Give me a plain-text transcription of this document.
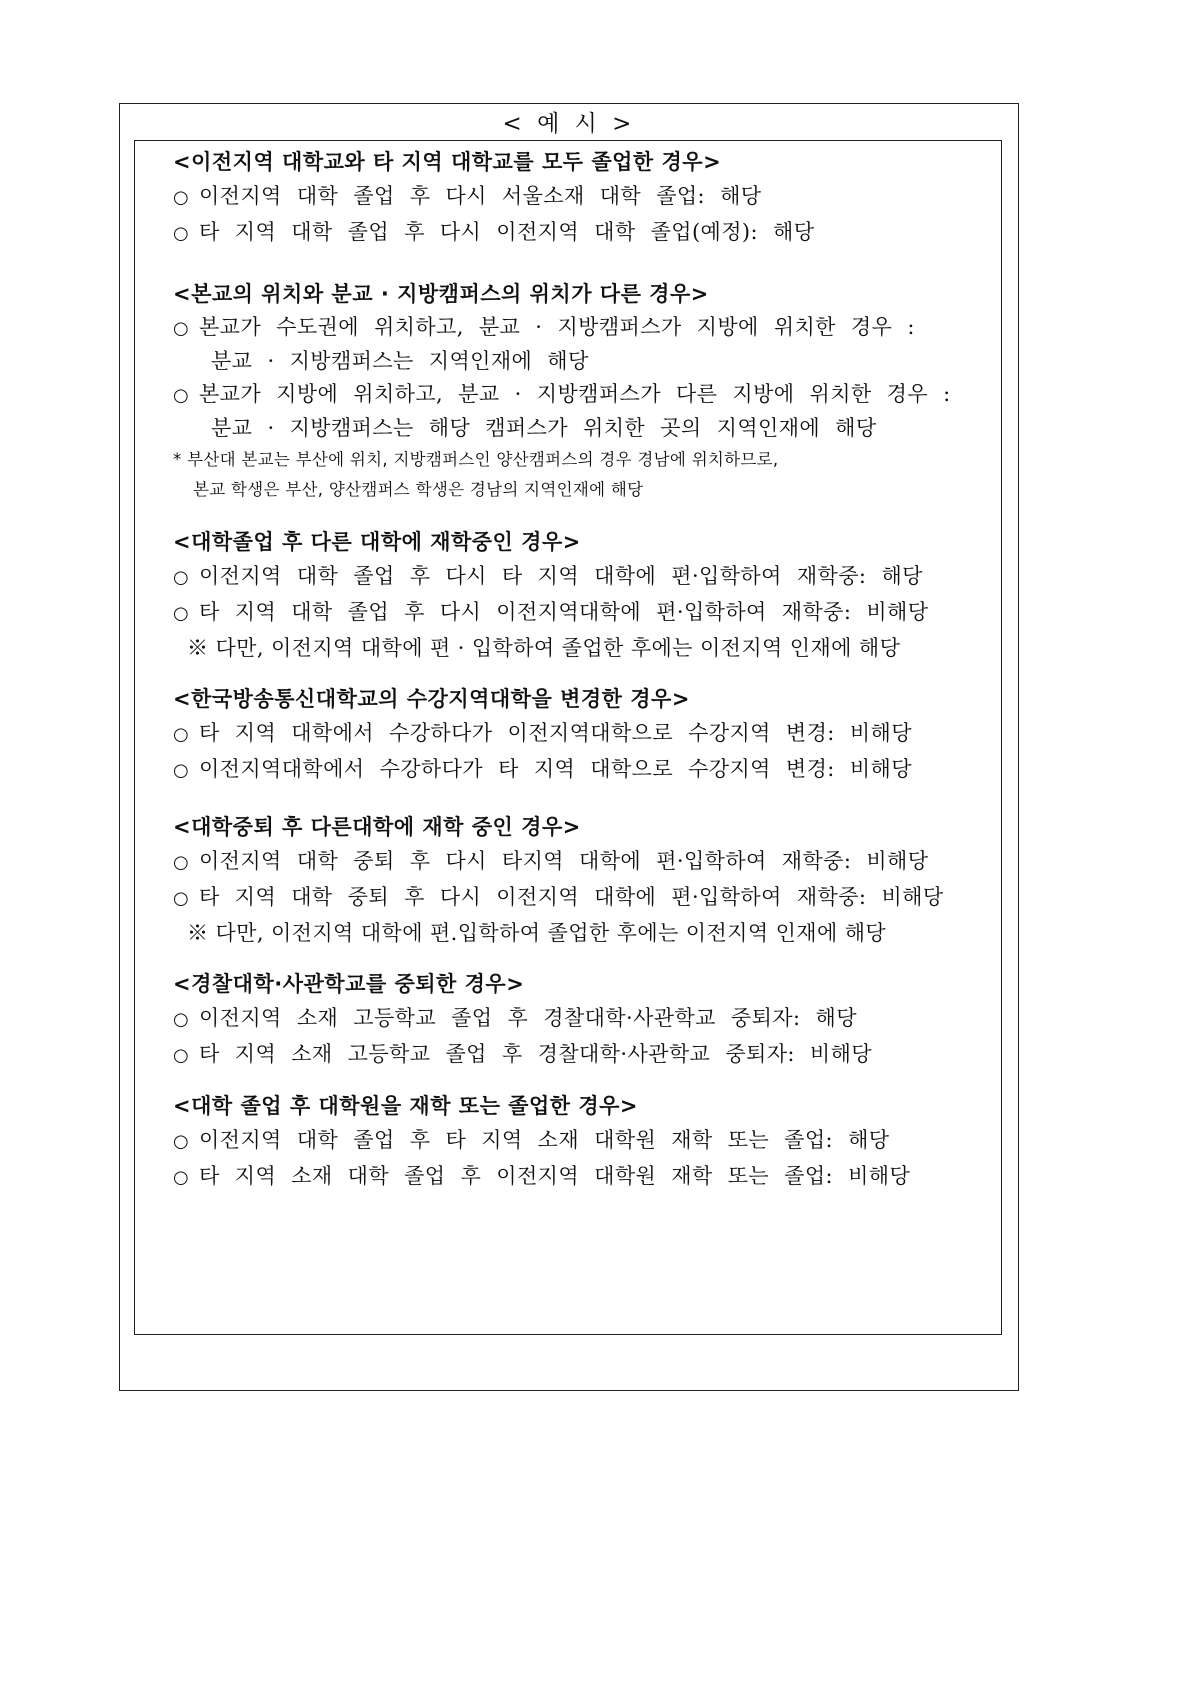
< 예 시 >

<이전지역 대학교와 타 지역 대학교를 모두 졸업한 경우>

○ 이전지역 대학 졸업 후 다시 서울소재 대학 졸업: 해당

○ 타 지역 대학 졸업 후 다시 이전지역 대학 졸업(예정): 해당

<본교의 위치와 분교 · 지방캠퍼스의 위치가 다른 경우>

○ 본교가 수도권에 위치하고, 분교 · 지방캠퍼스가 지방에 위치한 경우 :

분교 · 지방캠퍼스는 지역인재에 해당

○ 본교가 지방에 위치하고, 분교 · 지방캠퍼스가 다른 지방에 위치한 경우 :

분교 · 지방캠퍼스는 해당 캠퍼스가 위치한 곳의 지역인재에 해당

* 부산대 본교는 부산에 위치, 지방캠퍼스인 양산캠퍼스의 경우 경남에 위치하므로,

본교 학생은 부산, 양산캠퍼스 학생은 경남의 지역인재에 해당

<대학졸업 후 다른 대학에 재학중인 경우>

○ 이전지역 대학 졸업 후 다시 타 지역 대학에 편·입학하여 재학중: 해당

○ 타 지역 대학 졸업 후 다시 이전지역대학에 편·입학하여 재학중: 비해당

※ 다만, 이전지역 대학에 편 · 입학하여 졸업한 후에는 이전지역 인재에 해당

<한국방송통신대학교의 수강지역대학을 변경한 경우>

○ 타 지역 대학에서 수강하다가 이전지역대학으로 수강지역 변경: 비해당

○ 이전지역대학에서 수강하다가 타 지역 대학으로 수강지역 변경: 비해당

<대학중퇴 후 다른대학에 재학 중인 경우>

○ 이전지역 대학 중퇴 후 다시 타지역 대학에 편·입학하여 재학중: 비해당

○ 타 지역 대학 중퇴 후 다시 이전지역 대학에 편·입학하여 재학중: 비해당

※ 다만, 이전지역 대학에 편.입학하여 졸업한 후에는 이전지역 인재에 해당

<경찰대학·사관학교를 중퇴한 경우>

○ 이전지역 소재 고등학교 졸업 후 경찰대학·사관학교 중퇴자: 해당

○ 타 지역 소재 고등학교 졸업 후 경찰대학·사관학교 중퇴자: 비해당

<대학 졸업 후 대학원을 재학 또는 졸업한 경우>

○ 이전지역 대학 졸업 후 타 지역 소재 대학원 재학 또는 졸업: 해당

○ 타 지역 소재 대학 졸업 후 이전지역 대학원 재학 또는 졸업: 비해당
